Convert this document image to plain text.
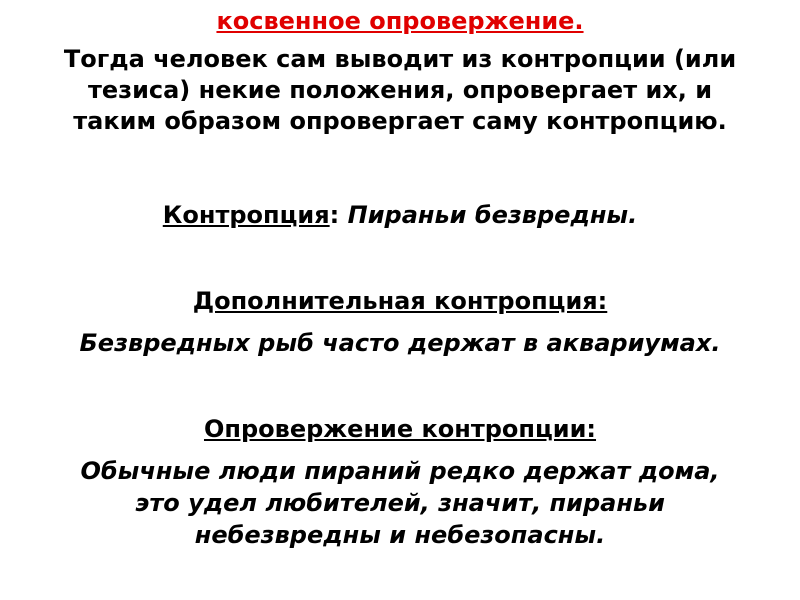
косвенное опровержение.
Тогда человек сам выводит из контропции (или
тезиса) некие положения, опровергает их, и
таким образом опровергает саму контропцию.
Контропция: Пираньи безвредны.
Дополнительная контропция:
Безвредных рыб часто держат в аквариумах.
Опровержение контропции:
Обычные люди пираний редко держат дома,
это удел любителей, значит, пираньи
небезвредны и небезопасны.
